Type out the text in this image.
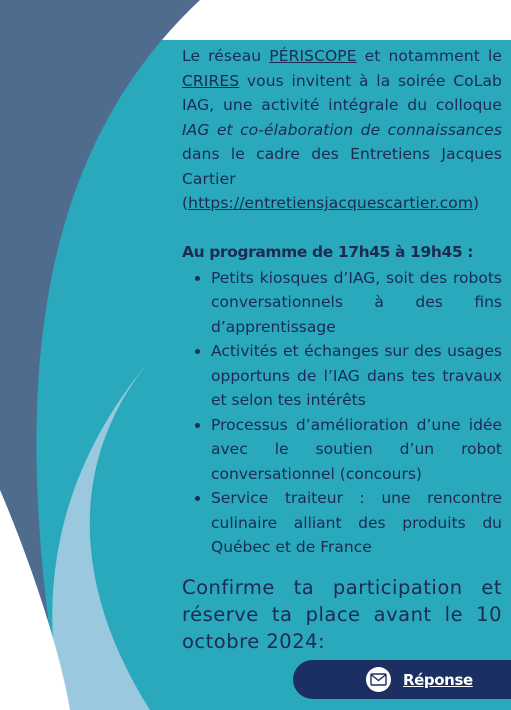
Le réseau PÉRISCOPE et notamment le CRIRES vous invitent à la soirée CoLab IAG, une activité intégrale du colloque IAG et co-élaboration de connaissances dans le cadre des Entretiens Jacques Cartier (https://entretiensjacquescartier.com)

Au programme de 17h45 à 19h45 :
• Petits kiosques d’IAG, soit des robots conversationnels à des fins d’apprentissage
• Activités et échanges sur des usages opportuns de l’IAG dans tes travaux et selon tes intérêts
• Processus d’amélioration d’une idée avec le soutien d’un robot conversationnel (concours)
• Service traiteur : une rencontre culinaire alliant des produits du Québec et de France

Confirme ta participation et réserve ta place avant le 10 octobre 2024:

Réponse
